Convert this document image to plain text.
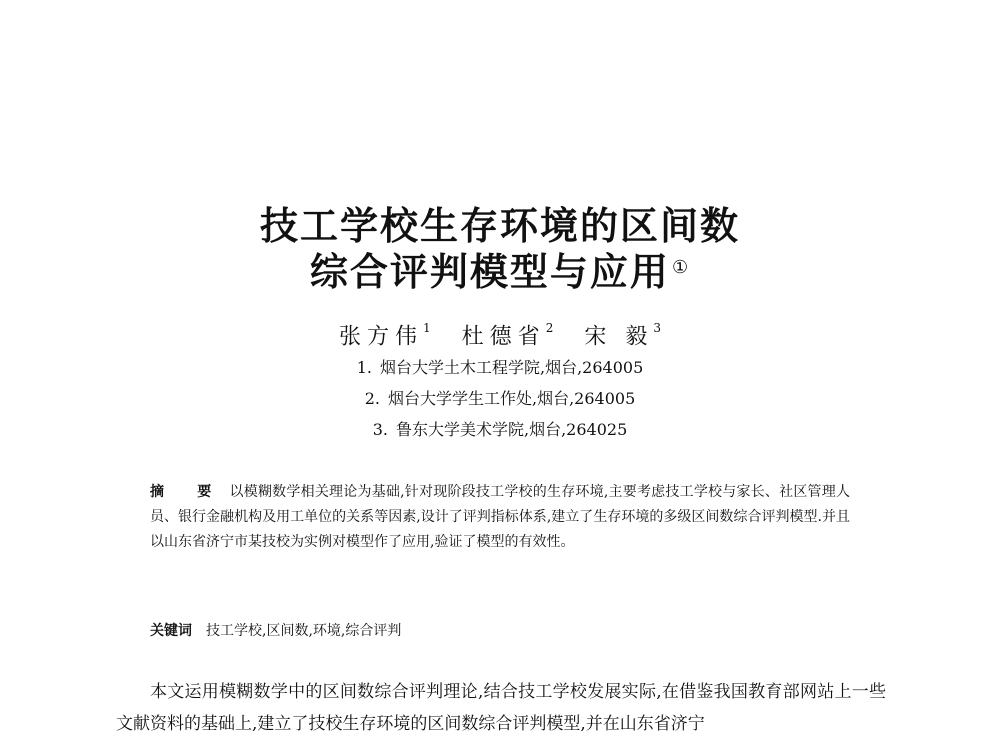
技工学校生存环境的区间数
综合评判模型与应用 ①
张方伟$^1$ 杜德省$^2$ 宋 毅$^3$
1. 烟台大学土木工程学院,烟台,264005
2. 烟台大学学生工作处,烟台,264005
3. 鲁东大学美术学院,烟台,264025
摘 要 以模糊数学相关理论为基础,针对现阶段技工学校的生存环境,主要考虑技工学校与家长、社区管理人员、银行金融机构及用工单位的关系等因素,设计了评判指标体系,建立了生存环境的多级区间数综合评判模型.并且以山东省济宁市某技校为实例对模型作了应用,验证了模型的有效性。
关键词 技工学校,区间数,环境,综合评判
本文运用模糊数学中的区间数综合评判理论,结合技工学校发展实际,在借鉴我国教育部网站上一些文献资料的基础上,建立了技校生存环境的区间数综合评判模型,并在山东省济宁
